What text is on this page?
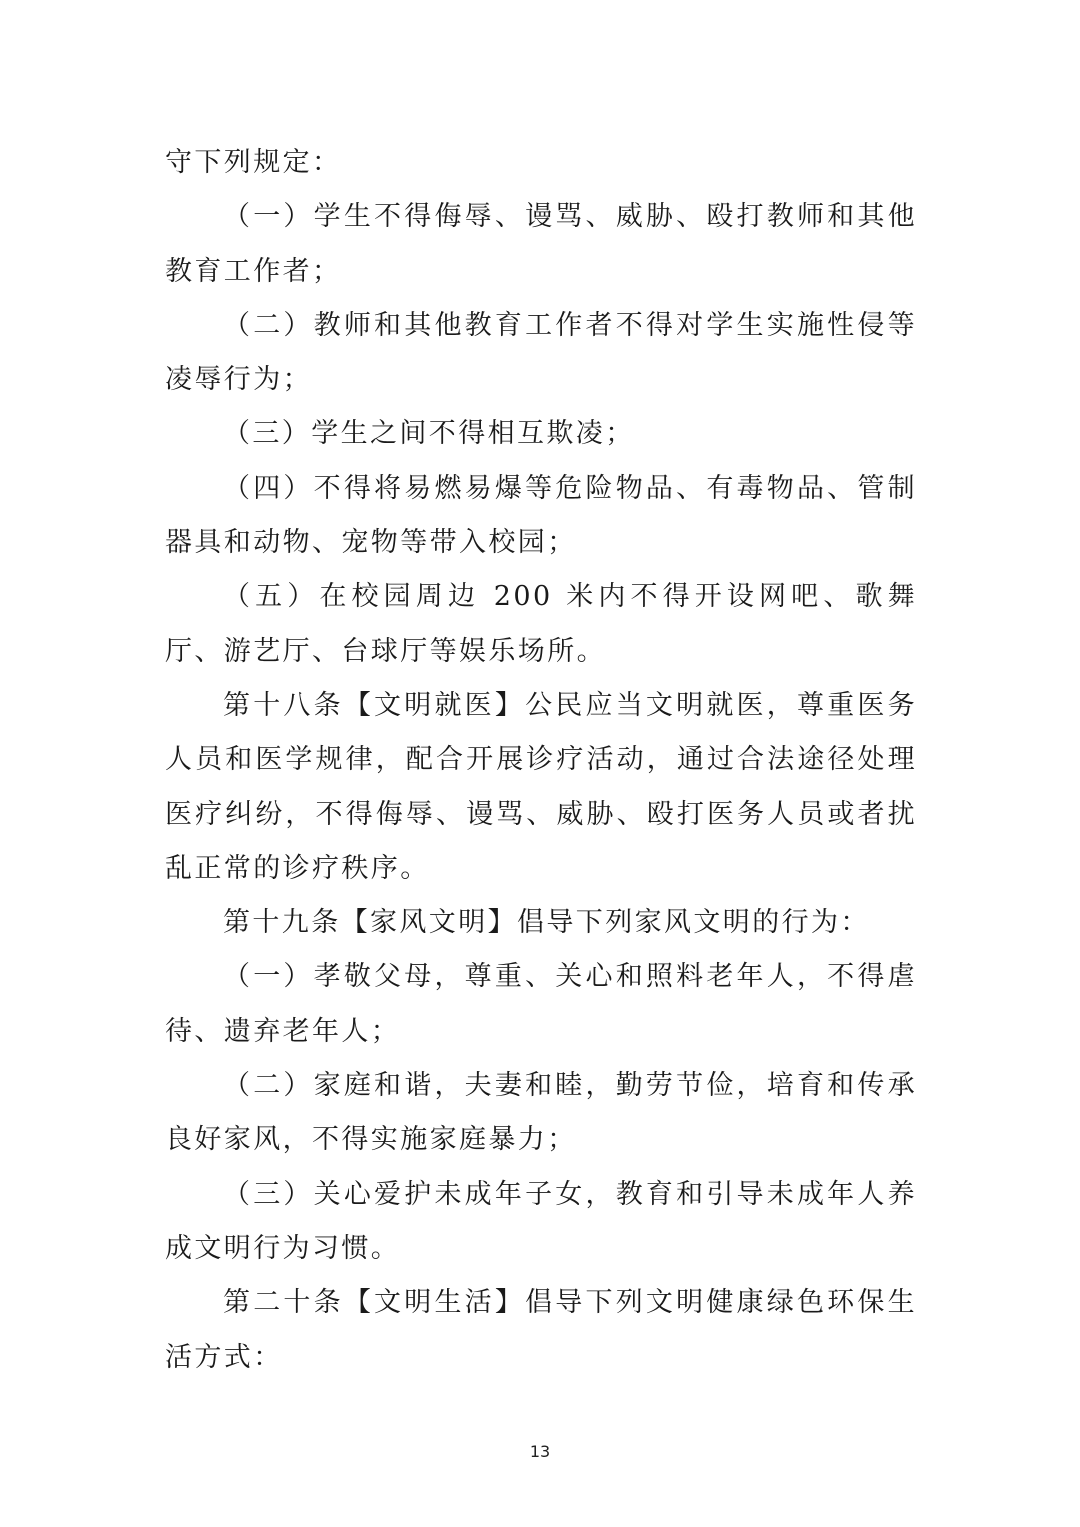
守下列规定：

（一）学生不得侮辱、谩骂、威胁、殴打教师和其他教育工作者；

（二）教师和其他教育工作者不得对学生实施性侵等凌辱行为；

（三）学生之间不得相互欺凌；

（四）不得将易燃易爆等危险物品、有毒物品、管制器具和动物、宠物等带入校园；

（五）在校园周边 200 米内不得开设网吧、歌舞厅、游艺厅、台球厅等娱乐场所。

第十八条【文明就医】公民应当文明就医，尊重医务人员和医学规律，配合开展诊疗活动，通过合法途径处理医疗纠纷，不得侮辱、谩骂、威胁、殴打医务人员或者扰乱正常的诊疗秩序。

第十九条【家风文明】倡导下列家风文明的行为：

（一）孝敬父母，尊重、关心和照料老年人，不得虐待、遗弃老年人；

（二）家庭和谐，夫妻和睦，勤劳节俭，培育和传承良好家风，不得实施家庭暴力；

（三）关心爱护未成年子女，教育和引导未成年人养成文明行为习惯。

第二十条【文明生活】倡导下列文明健康绿色环保生活方式：

13
